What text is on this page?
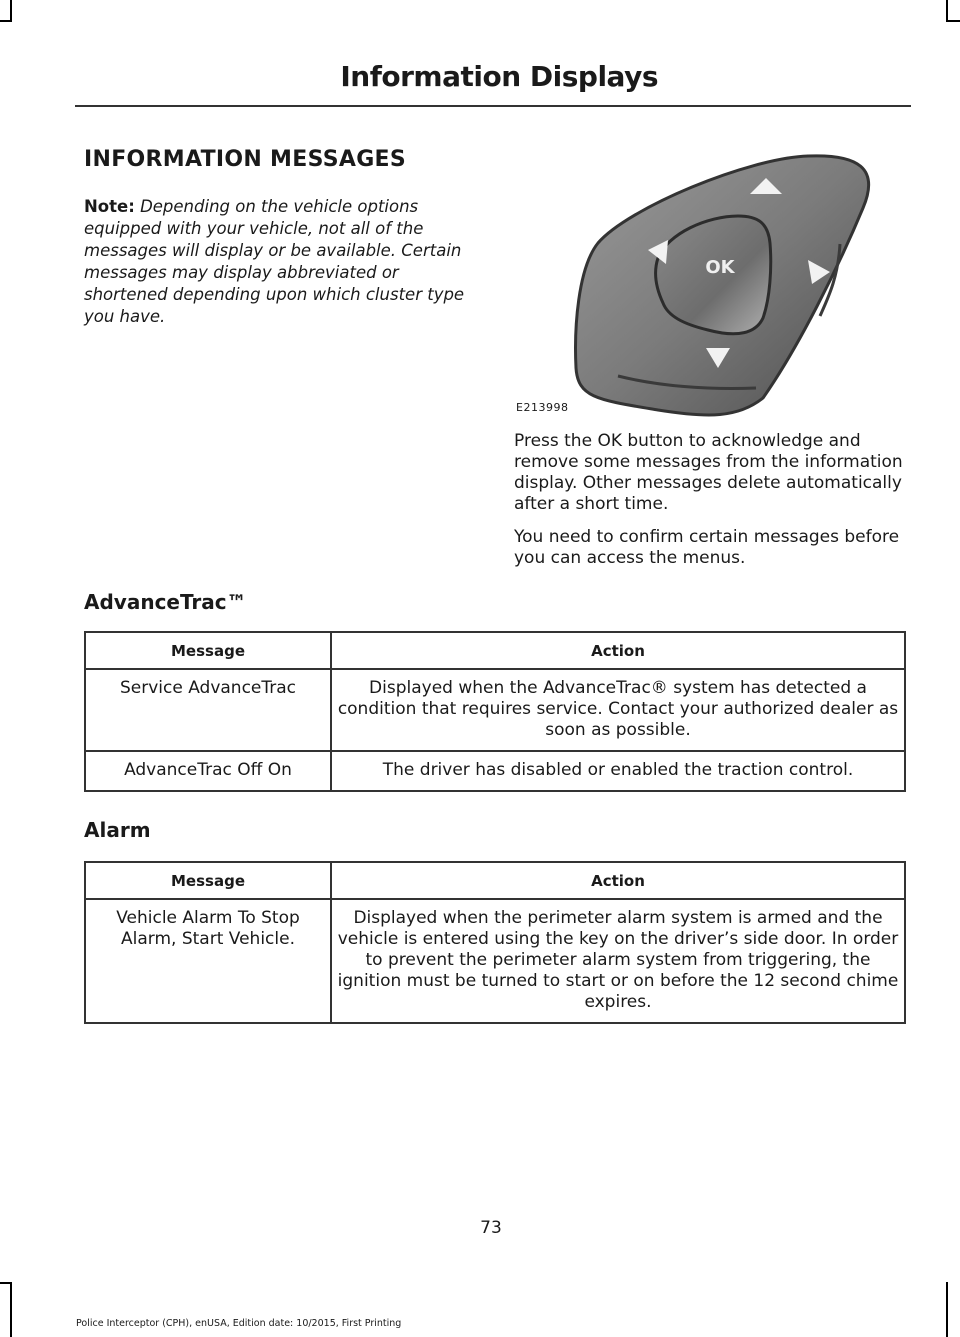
Information Displays
INFORMATION MESSAGES
Note: Depending on the vehicle options equipped with your vehicle, not all of the messages will display or be available. Certain messages may display abbreviated or shortened depending upon which cluster type you have.
OK
E213998
Press the OK button to acknowledge and remove some messages from the information display. Other messages delete automatically after a short time.
You need to confirm certain messages before you can access the menus.
AdvanceTrac™
Message	Action
Service AdvanceTrac	Displayed when the AdvanceTrac® system has detected a condition that requires service. Contact your authorized dealer as soon as possible.
AdvanceTrac Off On	The driver has disabled or enabled the traction control.
Alarm
Message	Action
Vehicle Alarm To Stop Alarm, Start Vehicle.	Displayed when the perimeter alarm system is armed and the vehicle is entered using the key on the driver’s side door. In order to prevent the perimeter alarm system from triggering, the ignition must be turned to start or on before the 12 second chime expires.
73
Police Interceptor (CPH), enUSA, Edition date: 10/2015, First Printing
